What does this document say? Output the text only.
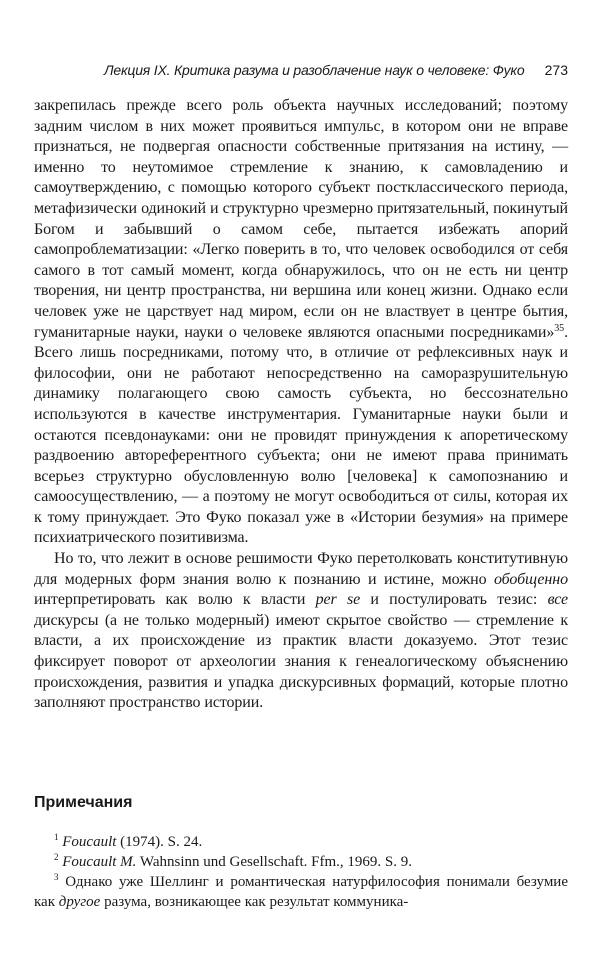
Лекция IX. Критика разума и разоблачение наук о человеке: Фуко 273

закрепилась прежде всего роль объекта научных исследований; поэтому задним числом в них может проявиться импульс, в котором они не вправе признаться, не подвергая опасности собственные притязания на истину, — именно то неутомимое стремление к знанию, к самовладению и самоутверждению, с помощью которого субъект постклассического периода, метафизически одинокий и структурно чрезмерно притязательный, покинутый Богом и забывший о самом себе, пытается избежать апорий самопроблематизации: «Легко поверить в то, что человек освободился от себя самого в тот самый момент, когда обнаружилось, что он не есть ни центр творения, ни центр пространства, ни вершина или конец жизни. Однако если человек уже не царствует над миром, если он не властвует в центре бытия, гуманитарные науки, науки о человеке являются опасными посредниками»$^{35}$. Всего лишь посредниками, потому что, в отличие от рефлексивных наук и философии, они не работают непосредственно на саморазрушительную динамику полагающего свою самость субъекта, но бессознательно используются в качестве инструментария. Гуманитарные науки были и остаются псевдонауками: они не провидят принуждения к апоретическому раздвоению автореферентного субъекта; они не имеют права принимать всерьез структурно обусловленную волю [человека] к самопознанию и самоосуществлению, — а поэтому не могут освободиться от силы, которая их к тому принуждает. Это Фуко показал уже в «Истории безумия» на примере психиатрического позитивизма.

Но то, что лежит в основе решимости Фуко перетолковать конститутивную для модерных форм знания волю к познанию и истине, можно обобщенно интерпретировать как волю к власти per se и постулировать тезис: все дискурсы (а не только модерный) имеют скрытое свойство — стремление к власти, а их происхождение из практик власти доказуемо. Этот тезис фиксирует поворот от археологии знания к генеалогическому объяснению происхождения, развития и упадка дискурсивных формаций, которые плотно заполняют пространство истории.

Примечания

$^1$ Foucault (1974). S. 24.

$^2$ Foucault M. Wahnsinn und Gesellschaft. Ffm., 1969. S. 9.

$^3$ Однако уже Шеллинг и романтическая натурфилософия понимали безумие как другое разума, возникающее как результат коммуника-
